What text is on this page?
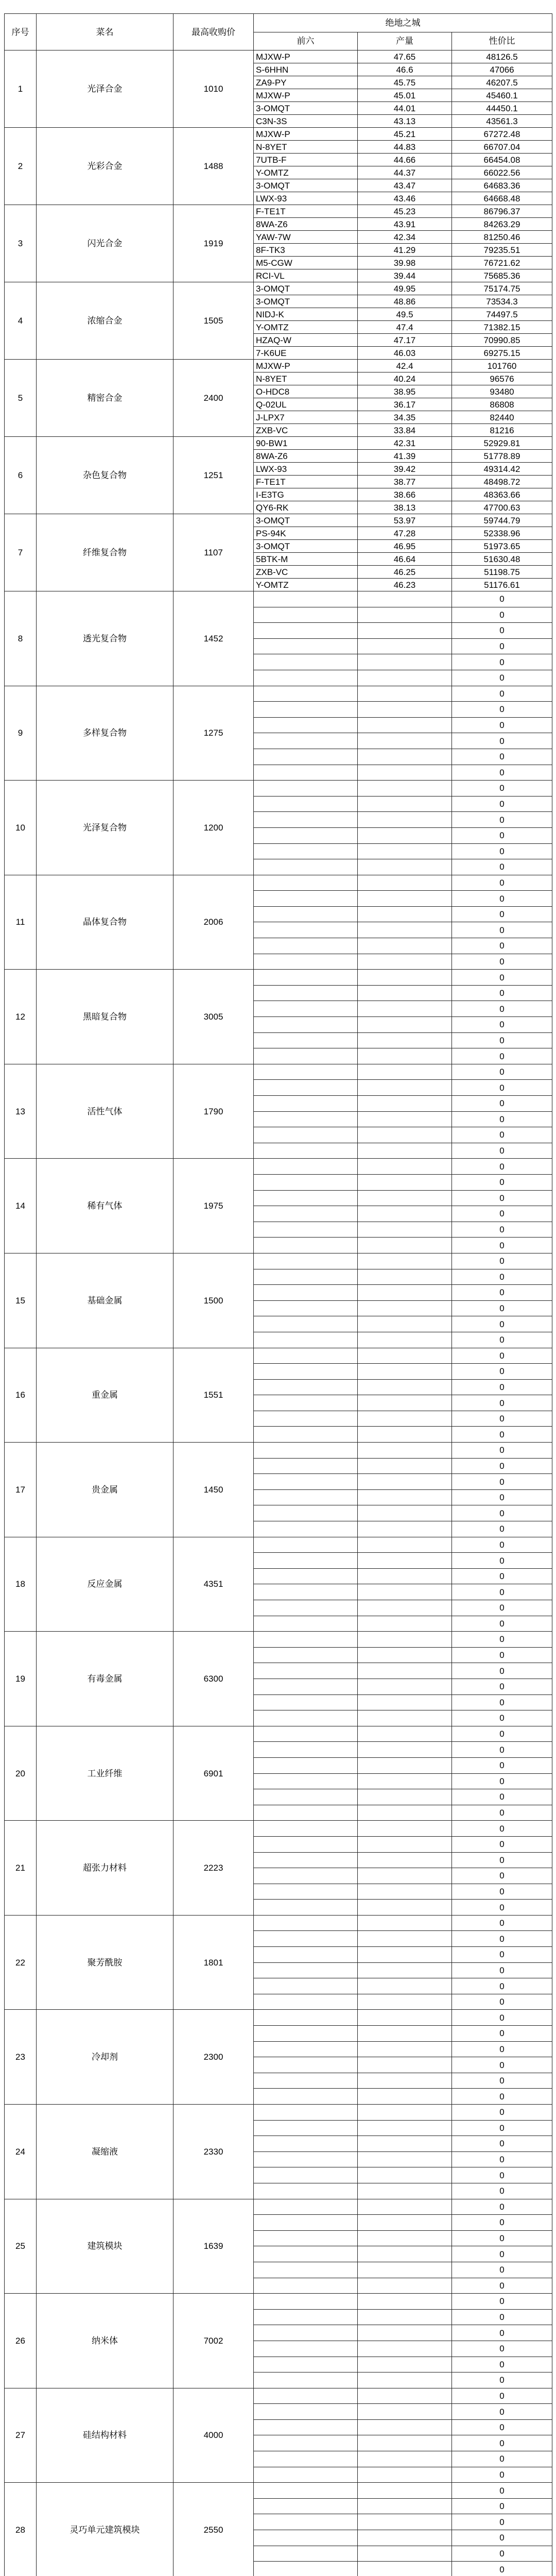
序号	菜名	最高收购价	绝地之城		
			前六	产量	性价比
1	光泽合金	1010	MJXW-P	47.65	48126.5
			S-6HHN	46.6	47066
			ZA9-PY	45.75	46207.5
			MJXW-P	45.01	45460.1
			3-OMQT	44.01	44450.1
			C3N-3S	43.13	43561.3
2	光彩合金	1488	MJXW-P	45.21	67272.48
			N-8YET	44.83	66707.04
			7UTB-F	44.66	66454.08
			Y-OMTZ	44.37	66022.56
			3-OMQT	43.47	64683.36
			LWX-93	43.46	64668.48
3	闪光合金	1919	F-TE1T	45.23	86796.37
			8WA-Z6	43.91	84263.29
			YAW-7W	42.34	81250.46
			8F-TK3	41.29	79235.51
			M5-CGW	39.98	76721.62
			RCI-VL	39.44	75685.36
4	浓缩合金	1505	3-OMQT	49.95	75174.75
			3-OMQT	48.86	73534.3
			NIDJ-K	49.5	74497.5
			Y-OMTZ	47.4	71382.15
			HZAQ-W	47.17	70990.85
			7-K6UE	46.03	69275.15
5	精密合金	2400	MJXW-P	42.4	101760
			N-8YET	40.24	96576
			O-HDC8	38.95	93480
			Q-02UL	36.17	86808
			J-LPX7	34.35	82440
			ZXB-VC	33.84	81216
6	杂色复合物	1251	90-BW1	42.31	52929.81
			8WA-Z6	41.39	51778.89
			LWX-93	39.42	49314.42
			F-TE1T	38.77	48498.72
			I-E3TG	38.66	48363.66
			QY6-RK	38.13	47700.63
7	纤维复合物	1107	3-OMQT	53.97	59744.79
			PS-94K	47.28	52338.96
			3-OMQT	46.95	51973.65
			5BTK-M	46.64	51630.48
			ZXB-VC	46.25	51198.75
			Y-OMTZ	46.23	51176.61
8	透光复合物	1452			0
					0
					0
					0
					0
					0
9	多样复合物	1275			0
					0
					0
					0
					0
					0
10	光泽复合物	1200			0
					0
					0
					0
					0
					0
11	晶体复合物	2006			0
					0
					0
					0
					0
					0
12	黑暗复合物	3005			0
					0
					0
					0
					0
					0
13	活性气体	1790			0
					0
					0
					0
					0
					0
14	稀有气体	1975			0
					0
					0
					0
					0
					0
15	基础金属	1500			0
					0
					0
					0
					0
					0
16	重金属	1551			0
					0
					0
					0
					0
					0
17	贵金属	1450			0
					0
					0
					0
					0
					0
18	反应金属	4351			0
					0
					0
					0
					0
					0
19	有毒金属	6300			0
					0
					0
					0
					0
					0
20	工业纤维	6901			0
					0
					0
					0
					0
					0
21	超张力材料	2223			0
					0
					0
					0
					0
					0
22	聚芳酰胺	1801			0
					0
					0
					0
					0
					0
23	冷却剂	2300			0
					0
					0
					0
					0
					0
24	凝缩液	2330			0
					0
					0
					0
					0
					0
25	建筑模块	1639			0
					0
					0
					0
					0
					0
26	纳米体	7002			0
					0
					0
					0
					0
					0
27	硅结构材料	4000			0
					0
					0
					0
					0
					0
28	灵巧单元建筑模块	2550			0
					0
					0
					0
					0
					0
